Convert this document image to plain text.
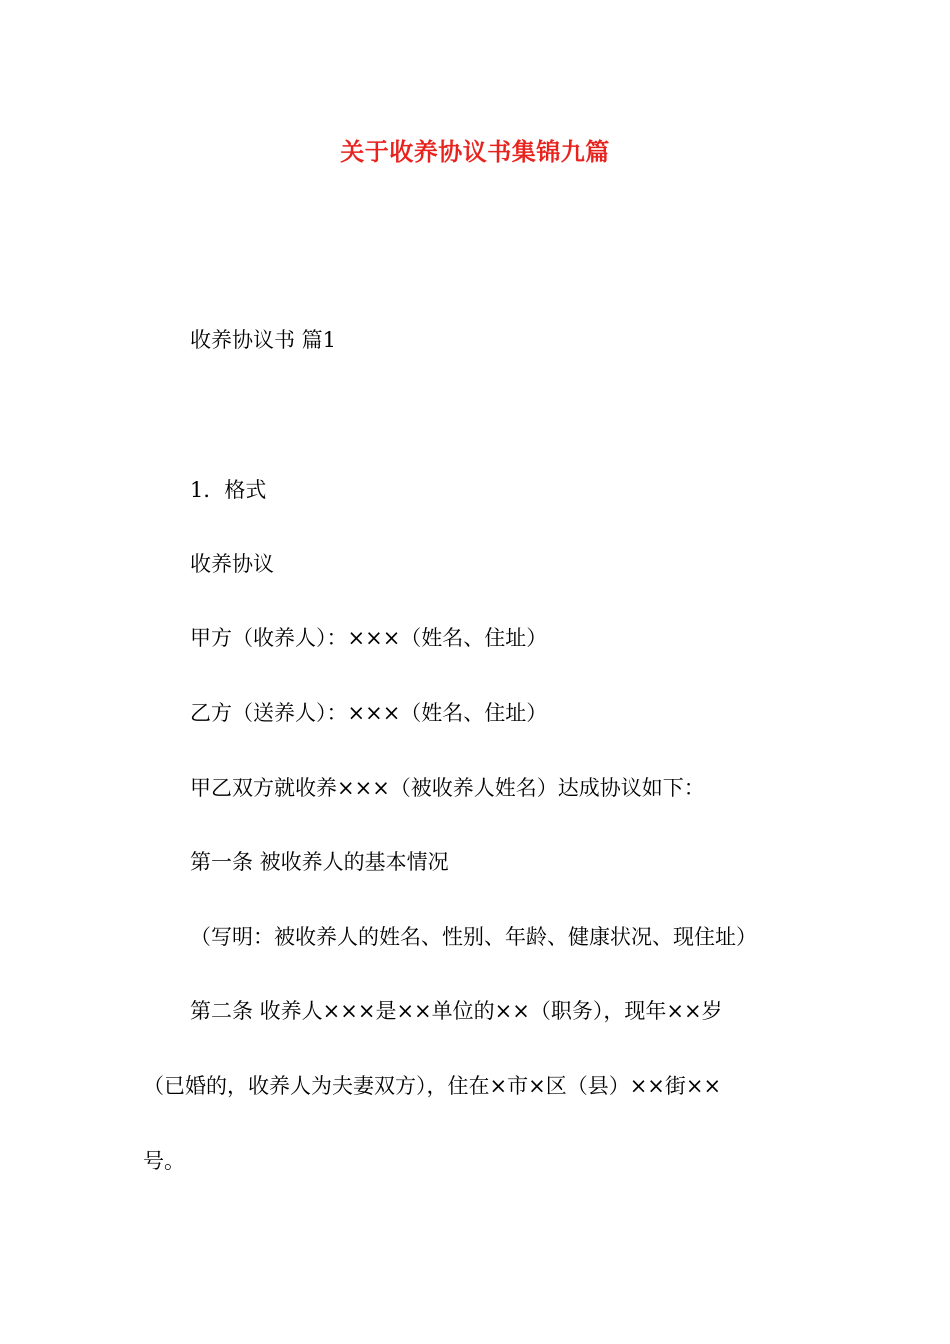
关于收养协议书集锦九篇
收养协议书 篇1
1．格式
收养协议
甲方（收养人）：×××（姓名、住址）
乙方（送养人）：×××（姓名、住址）
甲乙双方就收养×××（被收养人姓名）达成协议如下：
第一条 被收养人的基本情况
（写明：被收养人的姓名、性别、年龄、健康状况、现住址）
第二条 收养人×××是××单位的××（职务），现年××岁
（已婚的，收养人为夫妻双方），住在×市×区（县）××街××
号。
